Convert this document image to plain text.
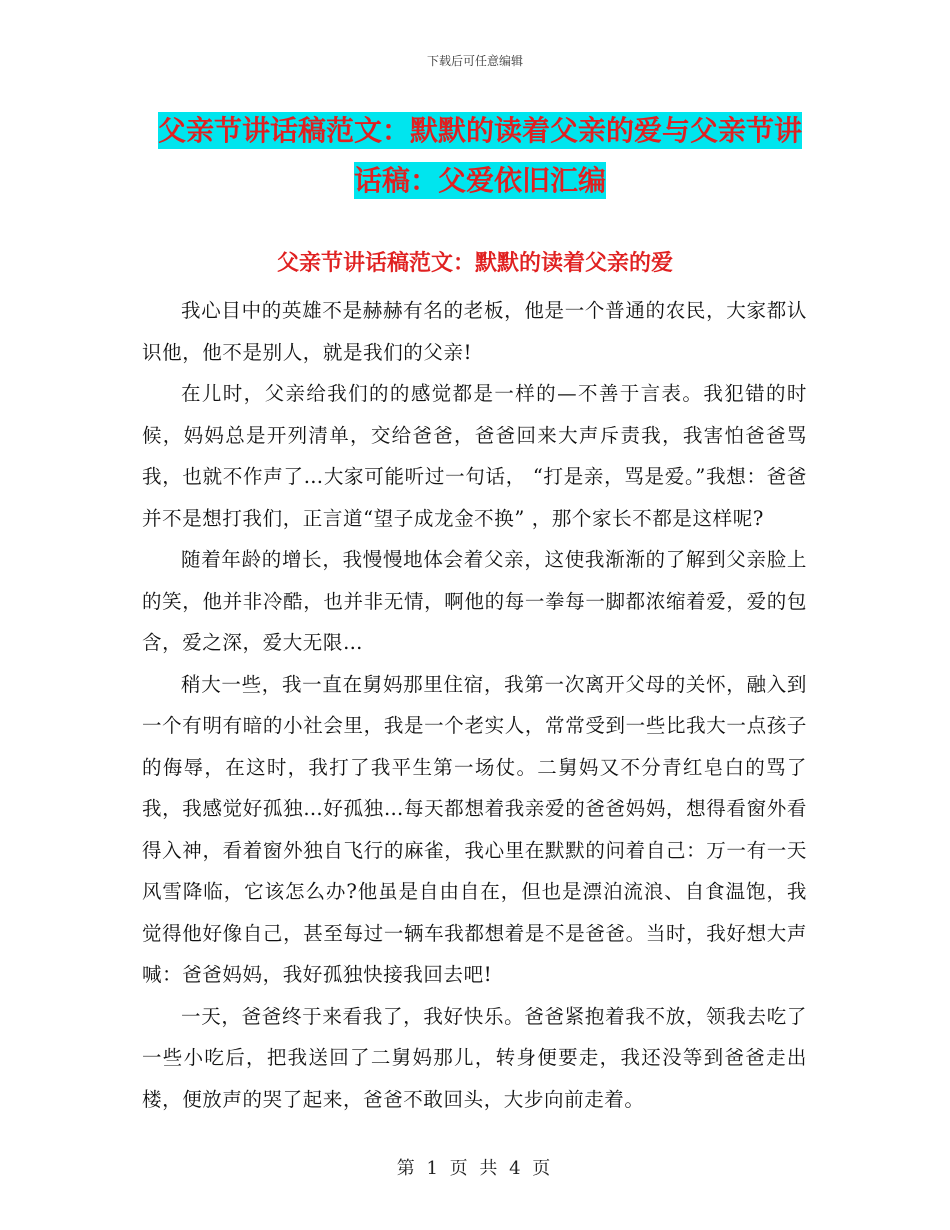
下载后可任意编辑
父亲节讲话稿范文：默默的读着父亲的爱与父亲节讲
话稿：父爱依旧汇编
父亲节讲话稿范文：默默的读着父亲的爱

我心目中的英雄不是赫赫有名的老板，他是一个普通的农民，大家都认识他，他不是别人，就是我们的父亲!

在儿时，父亲给我们的的感觉都是一样的—不善于言表。我犯错的时候，妈妈总是开列清单，交给爸爸，爸爸回来大声斥责我，我害怕爸爸骂我，也就不作声了…大家可能听过一句话， “打是亲，骂是爱。”我想：爸爸并不是想打我们，正言道“望子成龙金不换” ，那个家长不都是这样呢?

随着年龄的增长，我慢慢地体会着父亲，这使我渐渐的了解到父亲脸上的笑，他并非冷酷，也并非无情，啊他的每一拳每一脚都浓缩着爱，爱的包含，爱之深，爱大无限…

稍大一些，我一直在舅妈那里住宿，我第一次离开父母的关怀，融入到一个有明有暗的小社会里，我是一个老实人，常常受到一些比我大一点孩子的侮辱，在这时，我打了我平生第一场仗。二舅妈又不分青红皂白的骂了我，我感觉好孤独…好孤独…每天都想着我亲爱的爸爸妈妈，想得看窗外看得入神，看着窗外独自飞行的麻雀，我心里在默默的问着自己：万一有一天风雪降临，它该怎么办?他虽是自由自在，但也是漂泊流浪、自食温饱，我觉得他好像自己，甚至每过一辆车我都想着是不是爸爸。当时，我好想大声喊：爸爸妈妈，我好孤独快接我回去吧!

一天，爸爸终于来看我了，我好快乐。爸爸紧抱着我不放，领我去吃了一些小吃后，把我送回了二舅妈那儿，转身便要走，我还没等到爸爸走出楼，便放声的哭了起来，爸爸不敢回头，大步向前走着。

第 1 页 共 4 页
